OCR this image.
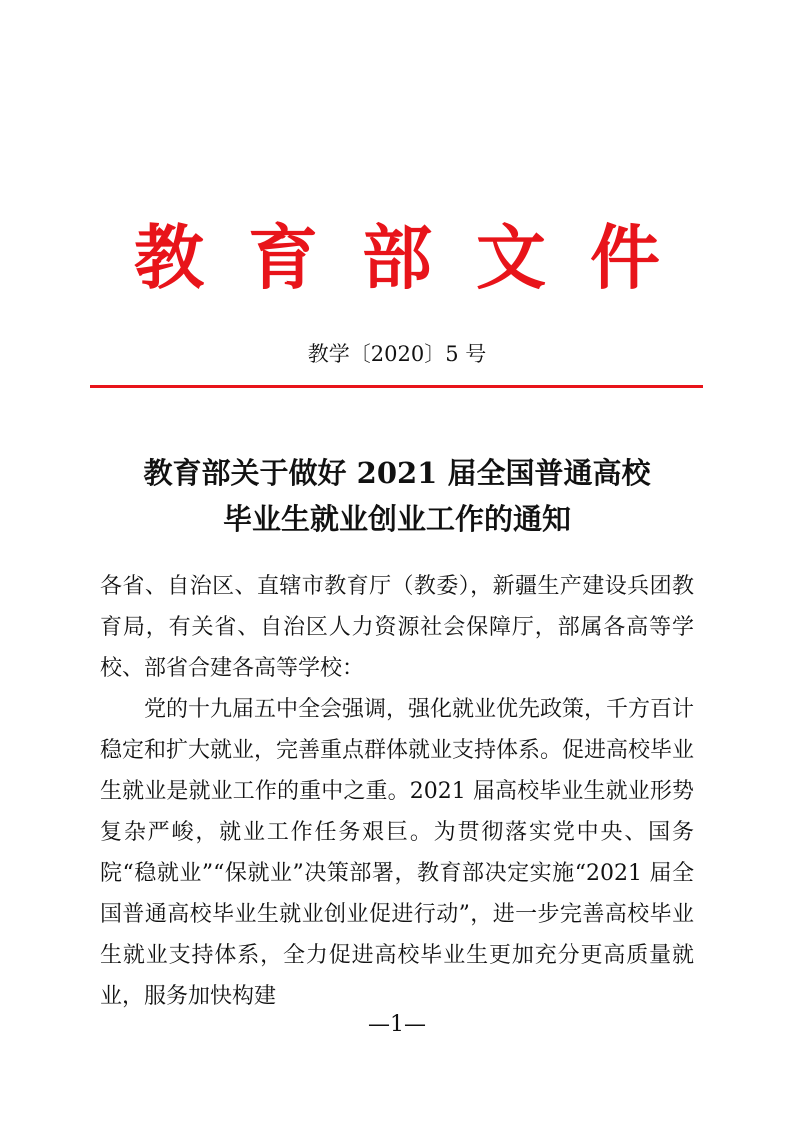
教育部文件
教学〔2020〕5 号
教育部关于做好 2021 届全国普通高校
毕业生就业创业工作的通知

各省、自治区、直辖市教育厅（教委），新疆生产建设兵团教育局，有关省、自治区人力资源社会保障厅，部属各高等学校、部省合建各高等学校：

党的十九届五中全会强调，强化就业优先政策，千方百计稳定和扩大就业，完善重点群体就业支持体系。促进高校毕业生就业是就业工作的重中之重。2021 届高校毕业生就业形势复杂严峻，就业工作任务艰巨。为贯彻落实党中央、国务院“稳就业”“保就业”决策部署，教育部决定实施“2021 届全国普通高校毕业生就业创业促进行动”，进一步完善高校毕业生就业支持体系，全力促进高校毕业生更加充分更高质量就业，服务加快构建

—1—
